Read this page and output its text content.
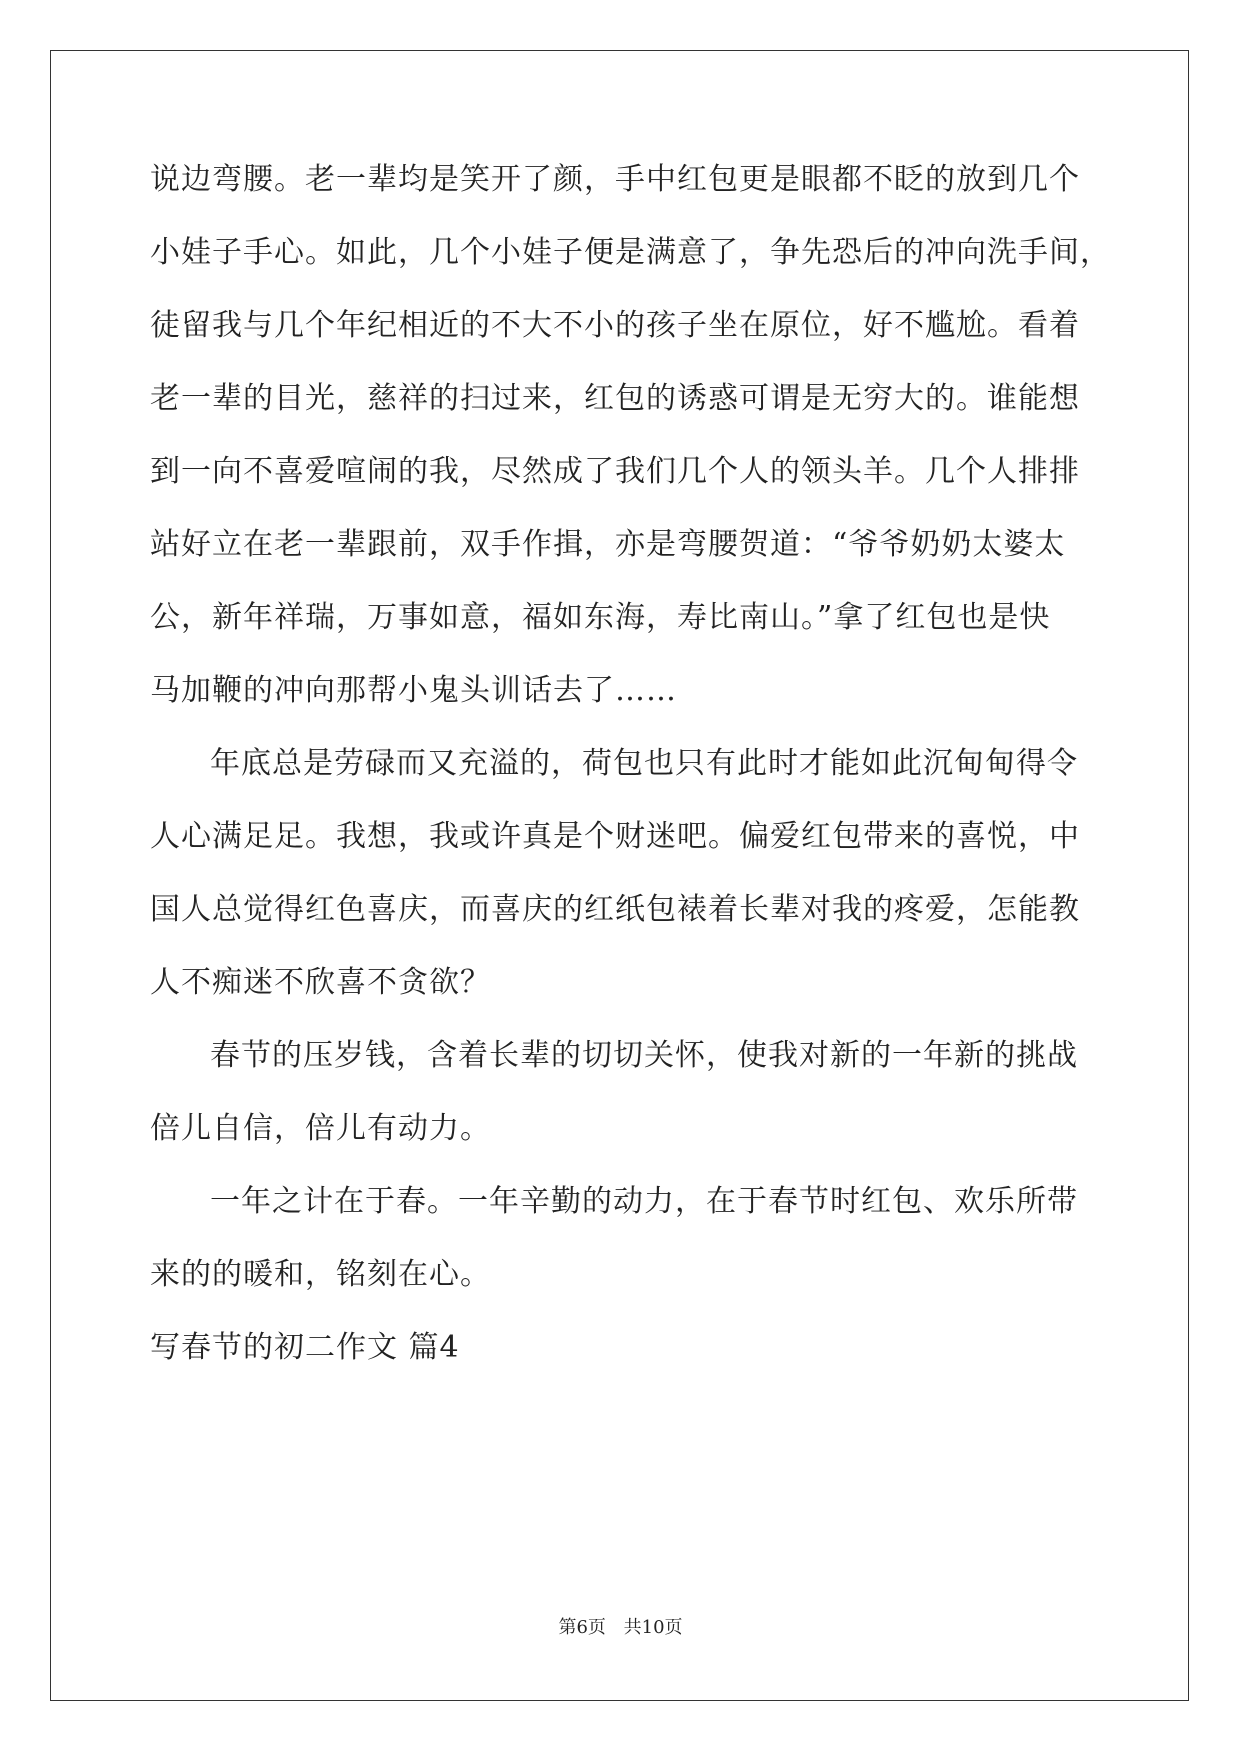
说边弯腰。老一辈均是笑开了颜，手中红包更是眼都不眨的放到几个
小娃子手心。如此，几个小娃子便是满意了，争先恐后的冲向洗手间，
徒留我与几个年纪相近的不大不小的孩子坐在原位，好不尴尬。看着
老一辈的目光，慈祥的扫过来，红包的诱惑可谓是无穷大的。谁能想
到一向不喜爱喧闹的我，尽然成了我们几个人的领头羊。几个人排排
站好立在老一辈跟前，双手作揖，亦是弯腰贺道：“爷爷奶奶太婆太
公，新年祥瑞，万事如意，福如东海，寿比南山。”拿了红包也是快
马加鞭的冲向那帮小鬼头训话去了……
年底总是劳碌而又充溢的，荷包也只有此时才能如此沉甸甸得令
人心满足足。我想，我或许真是个财迷吧。偏爱红包带来的喜悦，中
国人总觉得红色喜庆，而喜庆的红纸包裱着长辈对我的疼爱，怎能教
人不痴迷不欣喜不贪欲？
春节的压岁钱，含着长辈的切切关怀，使我对新的一年新的挑战
倍儿自信，倍儿有动力。
一年之计在于春。一年辛勤的动力，在于春节时红包、欢乐所带
来的的暖和，铭刻在心。
写春节的初二作文 篇4
第6页 共10页
